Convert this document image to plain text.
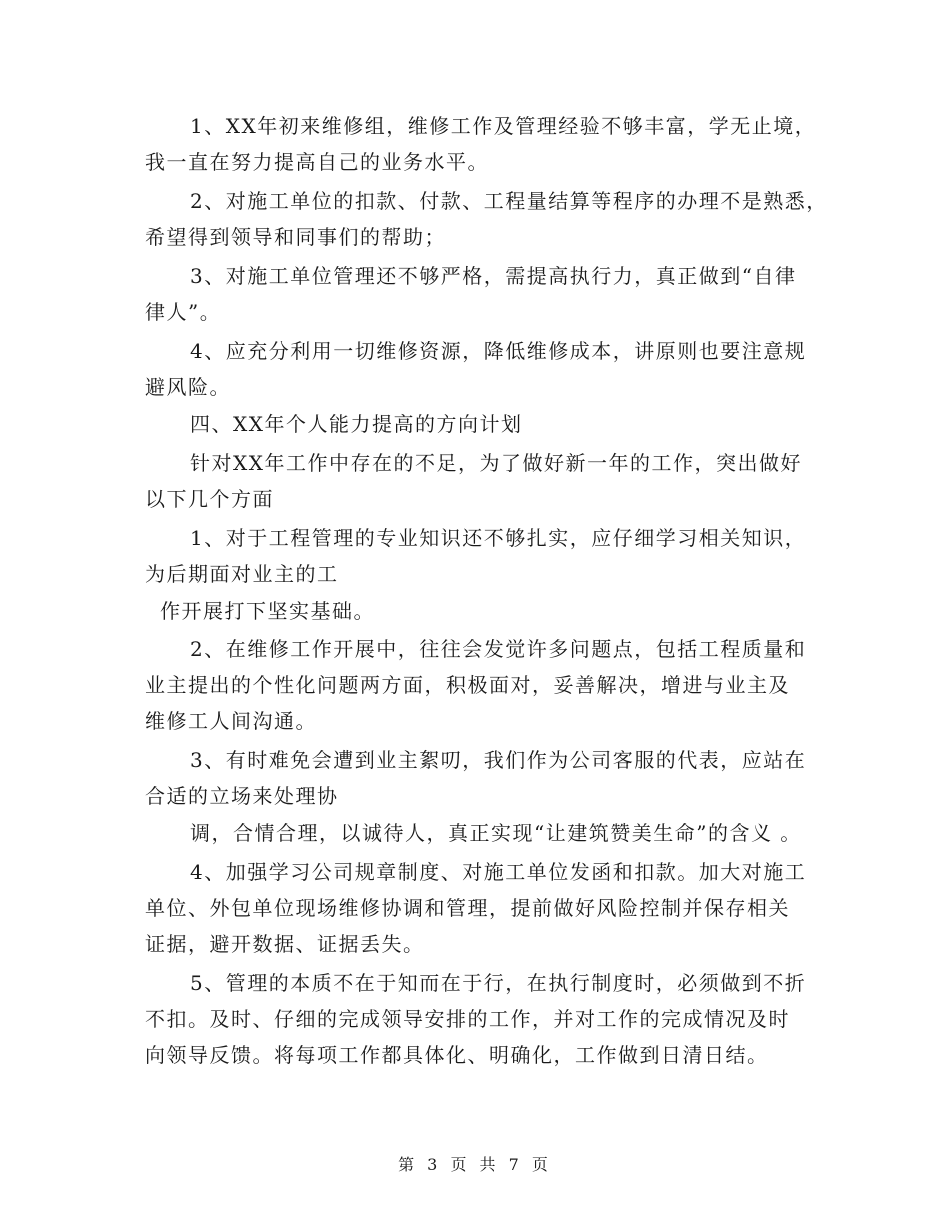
1、XX年初来维修组，维修工作及管理经验不够丰富，学无止境，
我一直在努力提高自己的业务水平。
2、对施工单位的扣款、付款、工程量结算等程序的办理不是熟悉，
希望得到领导和同事们的帮助；
3、对施工单位管理还不够严格，需提高执行力，真正做到“自律
律人”。
4、应充分利用一切维修资源，降低维修成本，讲原则也要注意规
避风险。
四、XX年个人能力提高的方向计划
针对XX年工作中存在的不足，为了做好新一年的工作，突出做好
以下几个方面
1、对于工程管理的专业知识还不够扎实，应仔细学习相关知识，
为后期面对业主的工
作开展打下坚实基础。
2、在维修工作开展中，往往会发觉许多问题点，包括工程质量和
业主提出的个性化问题两方面，积极面对，妥善解决，增进与业主及
维修工人间沟通。
3、有时难免会遭到业主絮叨，我们作为公司客服的代表，应站在
合适的立场来处理协
调，合情合理，以诚待人，真正实现“让建筑赞美生命”的含义 。
4、加强学习公司规章制度、对施工单位发函和扣款。加大对施工
单位、外包单位现场维修协调和管理，提前做好风险控制并保存相关
证据，避开数据、证据丢失。
5、管理的本质不在于知而在于行，在执行制度时，必须做到不折
不扣。及时、仔细的完成领导安排的工作，并对工作的完成情况及时
向领导反馈。将每项工作都具体化、明确化，工作做到日清日结。
第 3 页 共 7 页
